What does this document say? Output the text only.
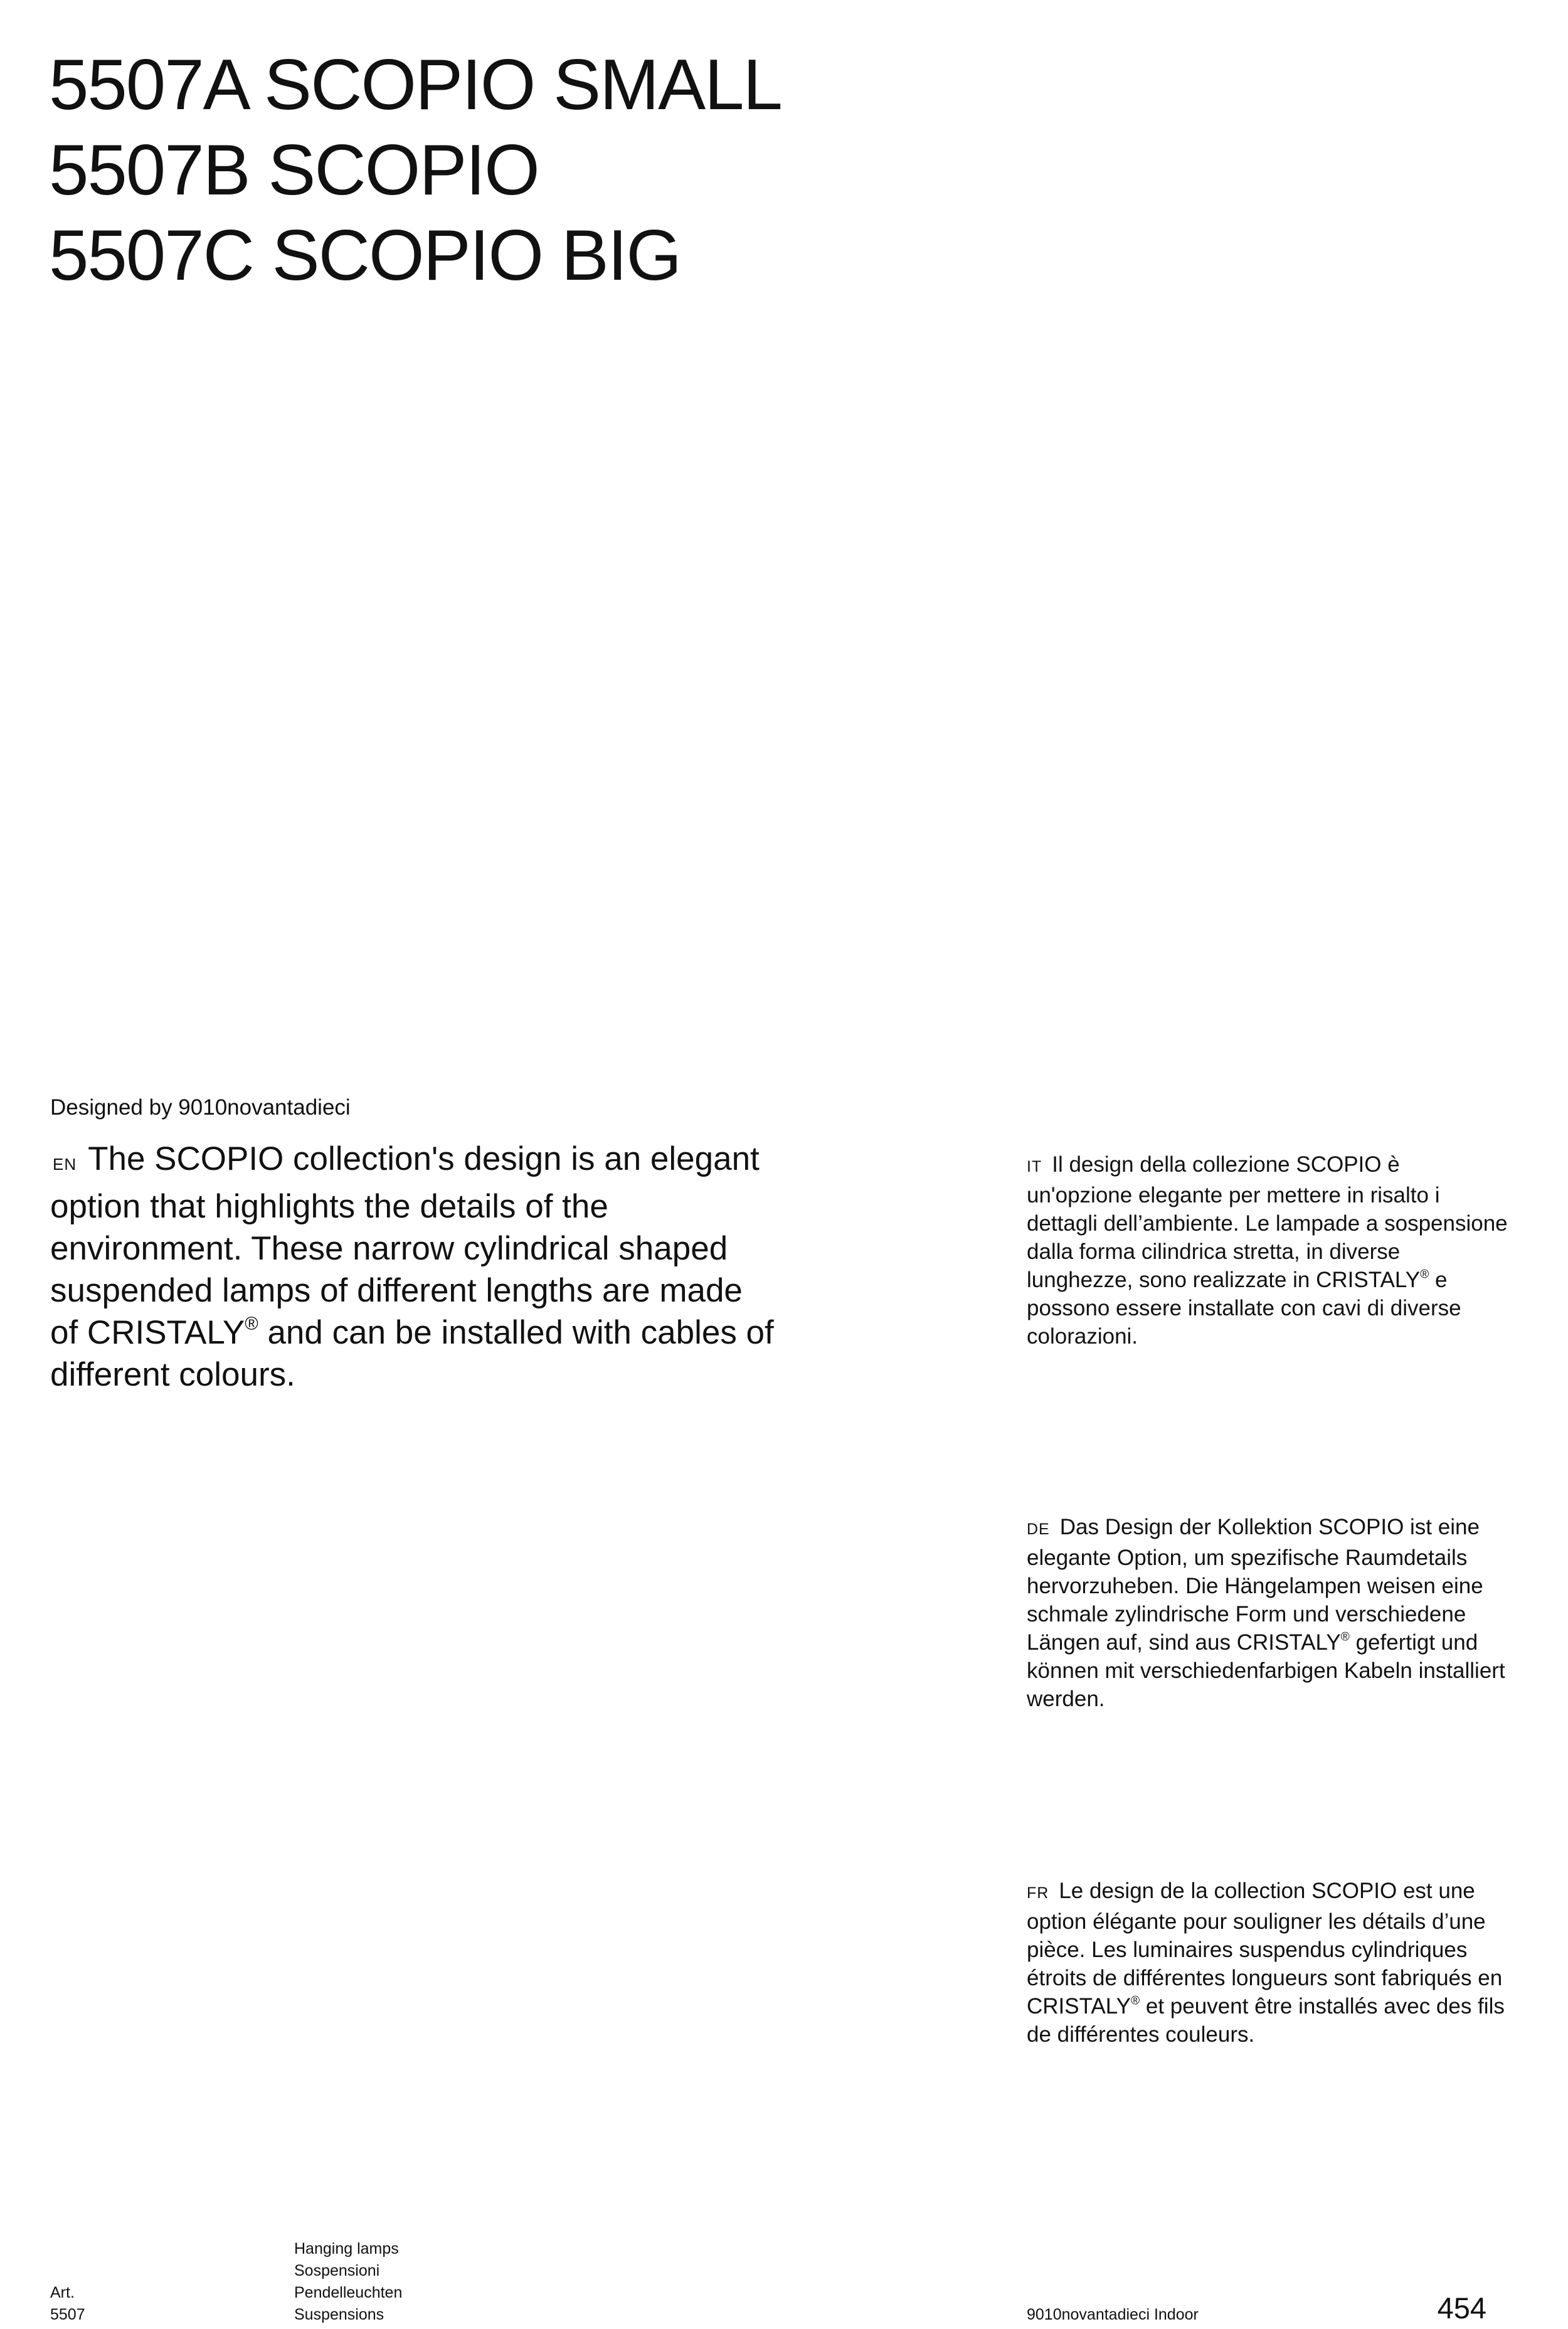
5507A SCOPIO SMALL
5507B SCOPIO
5507C SCOPIO BIG
Designed by 9010novantadieci

EN The SCOPIO collection's design is an elegant option that highlights the details of the environment. These narrow cylindrical shaped suspended lamps of different lengths are made of CRISTALY® and can be installed with cables of different colours.

IT Il design della collezione SCOPIO è un'opzione elegante per mettere in risalto i dettagli dell’ambiente. Le lampade a sospensione dalla forma cilindrica stretta, in diverse lunghezze, sono realizzate in CRISTALY® e possono essere installate con cavi di diverse colorazioni.

DE Das Design der Kollektion SCOPIO ist eine elegante Option, um spezifische Raumdetails hervorzuheben. Die Hängelampen weisen eine schmale zylindrische Form und verschiedene Längen auf, sind aus CRISTALY® gefertigt und können mit verschiedenfarbigen Kabeln installiert werden.

FR Le design de la collection SCOPIO est une option élégante pour souligner les détails d’une pièce. Les luminaires suspendus cylindriques étroits de différentes longueurs sont fabriqués en CRISTALY® et peuvent être installés avec des fils de différentes couleurs.

Art.
5507
Hanging lamps
Sospensioni
Pendelleuchten
Suspensions	9010novantadieci Indoor	454
